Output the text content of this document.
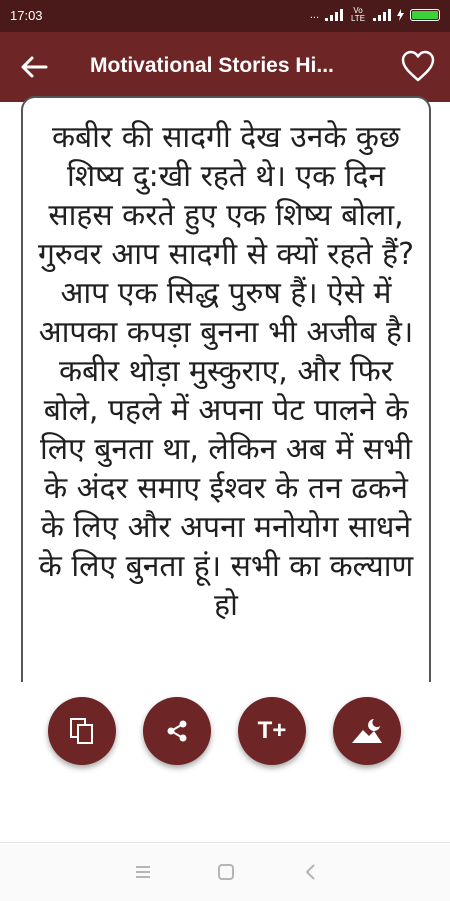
17:03	...	Vo LTE
Motivational Stories Hi...
कबीर की सादगी देख उनके कुछ शिष्य दु:खी रहते थे। एक दिन साहस करते हुए एक शिष्य बोला, गुरुवर आप सादगी से क्यों रहते हैं? आप एक सिद्ध पुरुष हैं। ऐसे में आपका कपड़ा बुनना भी अजीब है। कबीर थोड़ा मुस्कुराए, और फिर बोले, पहले में अपना पेट पालने के लिए बुनता था, लेकिन अब में सभी के अंदर समाए ईश्वर के तन ढकने के लिए और अपना मनोयोग साधने के लिए बुनता हूं। सभी का कल्याण हो
T+
